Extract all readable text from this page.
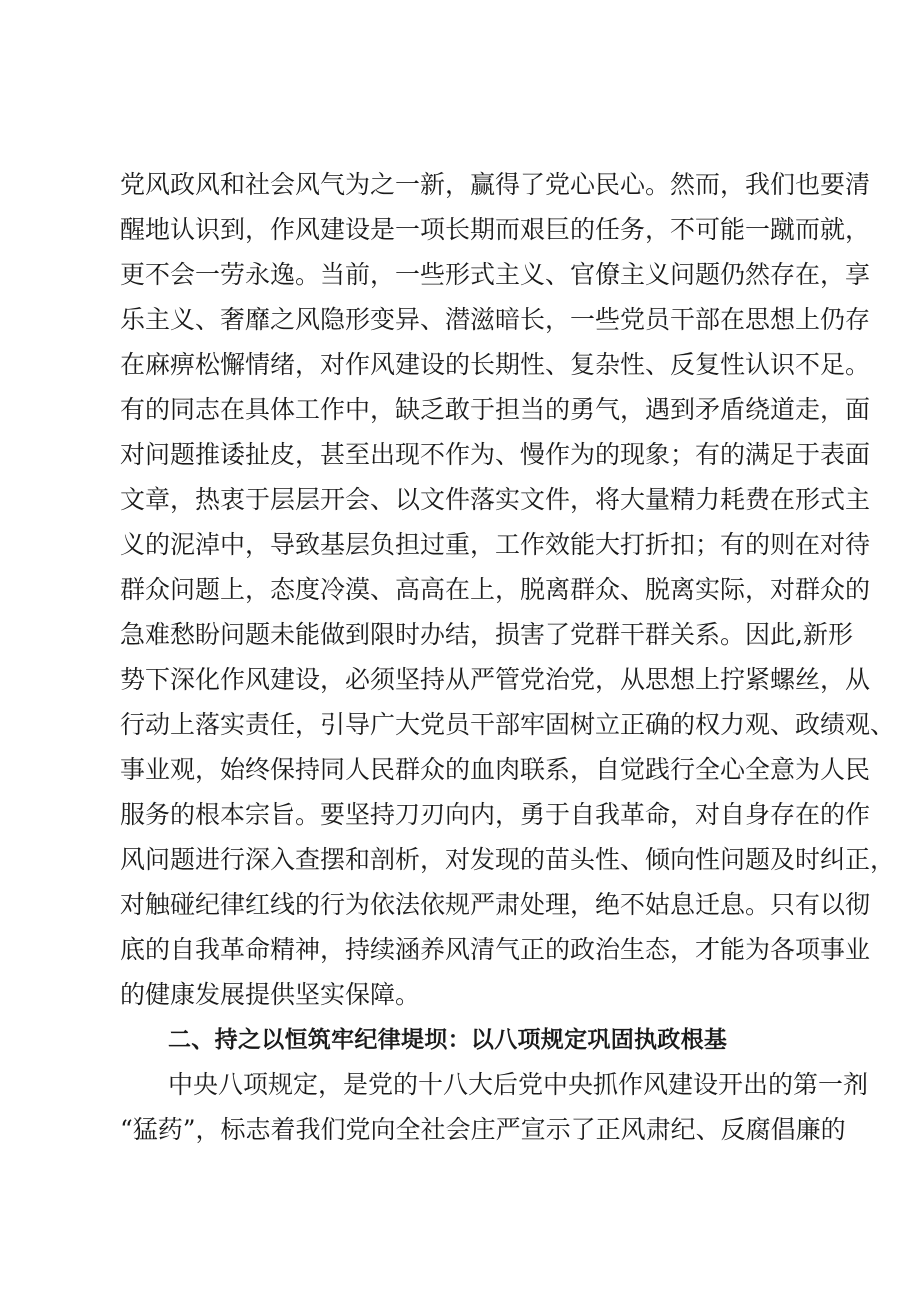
党风政风和社会风气为之一新，赢得了党心民心。然而，我们也要清
醒地认识到，作风建设是一项长期而艰巨的任务，不可能一蹴而就，
更不会一劳永逸。当前，一些形式主义、官僚主义问题仍然存在，享
乐主义、奢靡之风隐形变异、潜滋暗长，一些党员干部在思想上仍存
在麻痹松懈情绪，对作风建设的长期性、复杂性、反复性认识不足。
有的同志在具体工作中，缺乏敢于担当的勇气，遇到矛盾绕道走，面
对问题推诿扯皮，甚至出现不作为、慢作为的现象；有的满足于表面
文章，热衷于层层开会、以文件落实文件，将大量精力耗费在形式主
义的泥淖中，导致基层负担过重，工作效能大打折扣；有的则在对待
群众问题上，态度冷漠、高高在上，脱离群众、脱离实际，对群众的
急难愁盼问题未能做到限时办结，损害了党群干群关系。因此,新形
势下深化作风建设，必须坚持从严管党治党，从思想上拧紧螺丝，从
行动上落实责任，引导广大党员干部牢固树立正确的权力观、政绩观、
事业观，始终保持同人民群众的血肉联系，自觉践行全心全意为人民
服务的根本宗旨。要坚持刀刃向内，勇于自我革命，对自身存在的作
风问题进行深入查摆和剖析，对发现的苗头性、倾向性问题及时纠正，
对触碰纪律红线的行为依法依规严肃处理，绝不姑息迁息。只有以彻
底的自我革命精神，持续涵养风清气正的政治生态，才能为各项事业
的健康发展提供坚实保障。
二、持之以恒筑牢纪律堤坝：以八项规定巩固执政根基
中央八项规定，是党的十八大后党中央抓作风建设开出的第一剂
“猛药”，标志着我们党向全社会庄严宣示了正风肃纪、反腐倡廉的
